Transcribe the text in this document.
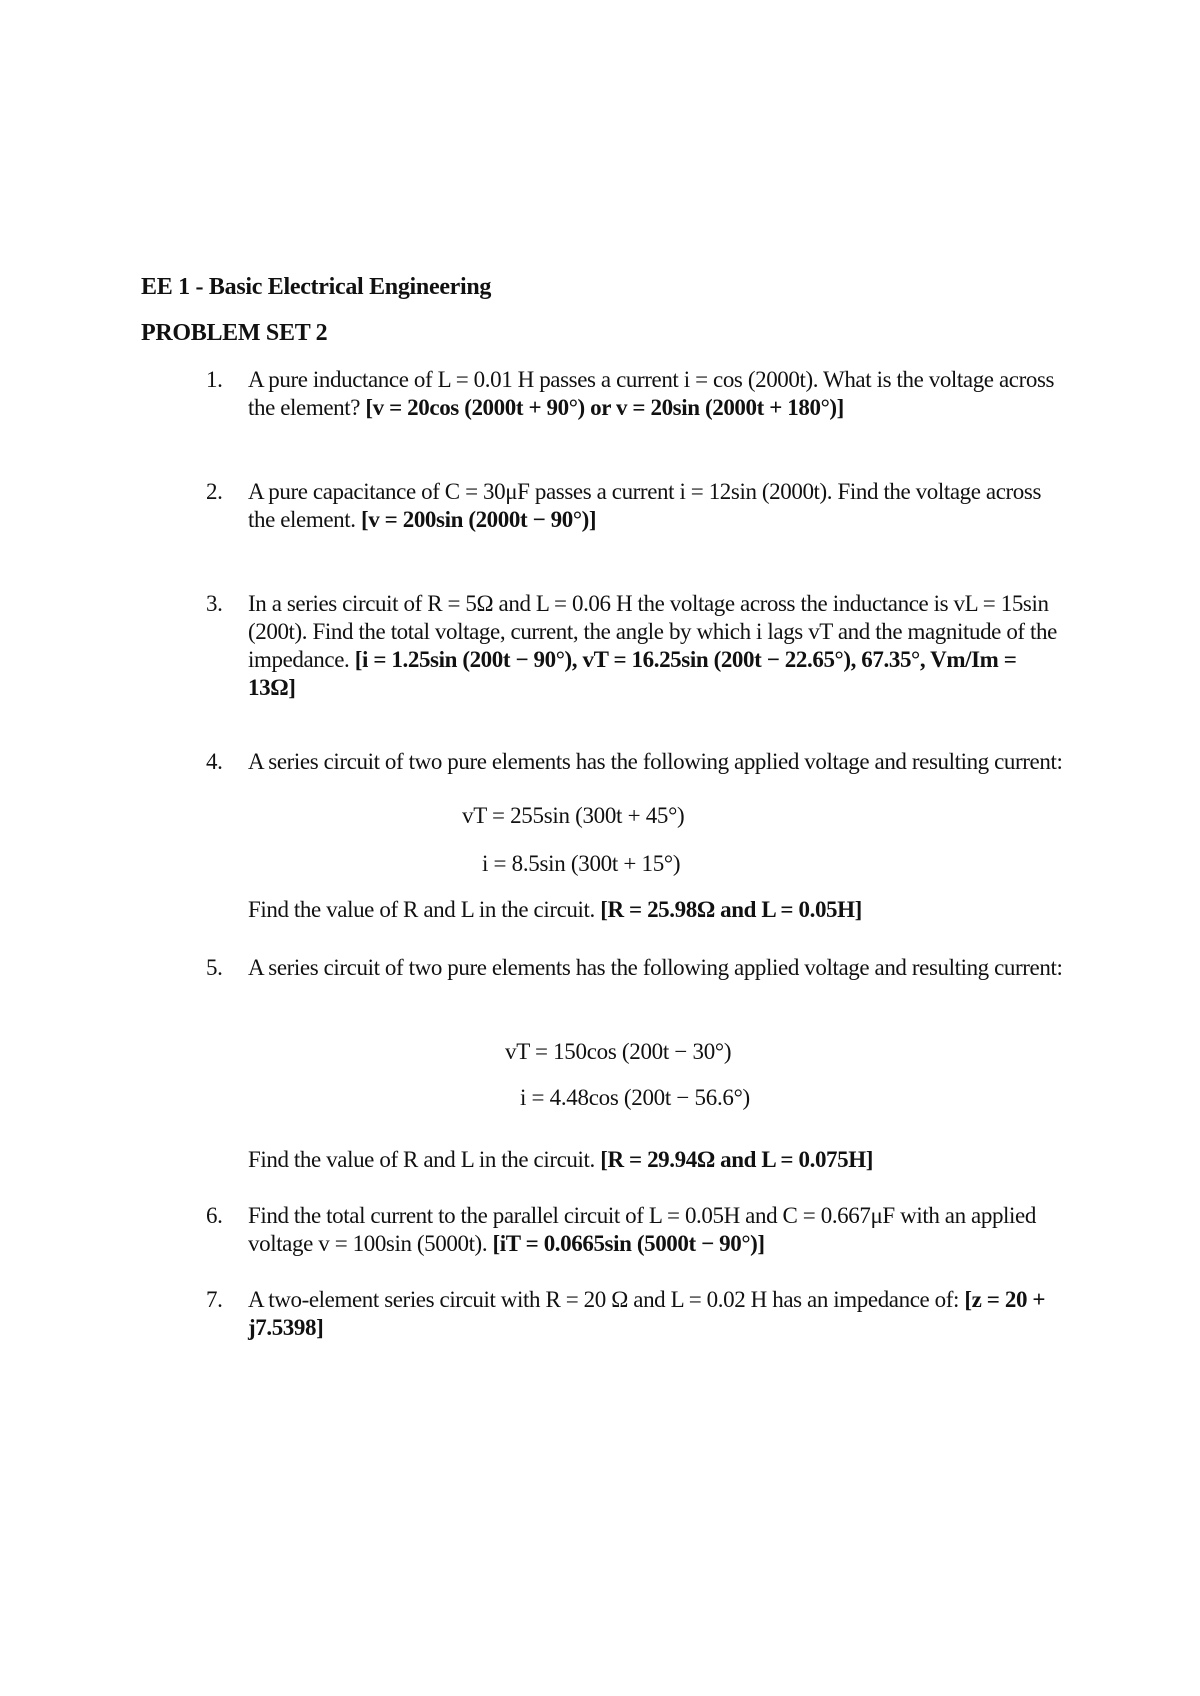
EE 1 - Basic Electrical Engineering
PROBLEM SET 2
1.	A pure inductance of L = 0.01 H passes a current i = cos (2000t). What is the voltage across the element? [v = 20cos (2000t + 90°) or v = 20sin (2000t + 180°)]
2.	A pure capacitance of C = 30μF passes a current i = 12sin (2000t). Find the voltage across the element. [v = 200sin (2000t − 90°)]
3.	In a series circuit of R = 5Ω and L = 0.06 H the voltage across the inductance is vL = 15sin (200t). Find the total voltage, current, the angle by which i lags vT and the magnitude of the impedance. [i = 1.25sin (200t − 90°), vT = 16.25sin (200t − 22.65°), 67.35°, Vm/Im = 13Ω]
4.	A series circuit of two pure elements has the following applied voltage and resulting current:
vT = 255sin (300t + 45°)
i = 8.5sin (300t + 15°)
Find the value of R and L in the circuit. [R = 25.98Ω and L = 0.05H]
5.	A series circuit of two pure elements has the following applied voltage and resulting current:
vT = 150cos (200t − 30°)
i = 4.48cos (200t − 56.6°)
Find the value of R and L in the circuit. [R = 29.94Ω and L = 0.075H]
6.	Find the total current to the parallel circuit of L = 0.05H and C = 0.667μF with an applied voltage v = 100sin (5000t). [iT = 0.0665sin (5000t − 90°)]
7.	A two-element series circuit with R = 20 Ω and L = 0.02 H has an impedance of: [z = 20 + j7.5398]
